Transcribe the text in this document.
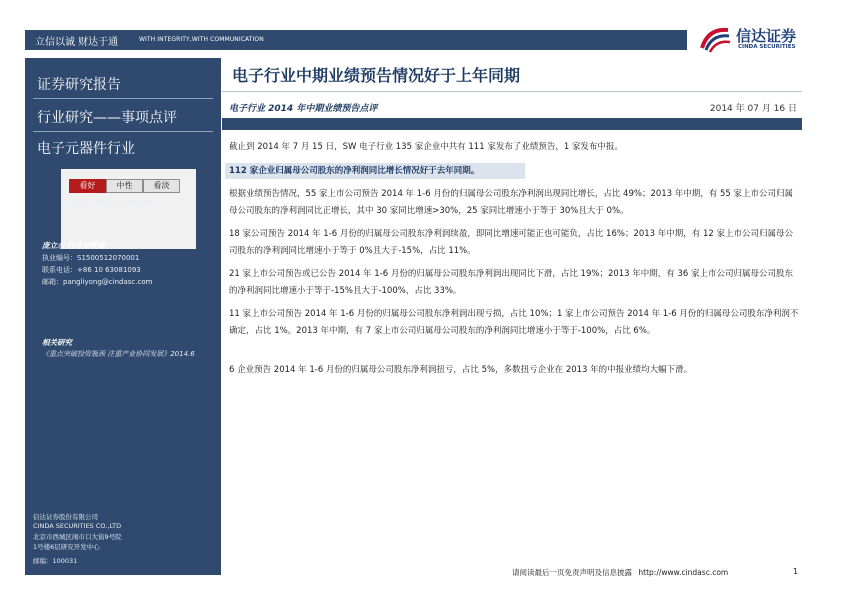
立信以诚 财达于通	WITH INTEGRITY,WITH COMMUNICATION	信达证券
CINDA SECURITIES
证券研究报告
行业研究——事项点评
电子元器件行业
看好	中性	看淡
上次评级：看好，2014.6.25
庞立永 行业分析师
执业编号：S1500512070001
联系电话：+86 10 63081093
邮箱：pangliyong@cindasc.com
相关研究
《重点突破投资瓶颈 注重产业协同发展》2014.6
信达证券股份有限公司
CINDA SECURITIES CO.,LTD
北京市西城区闹市口大街9号院
1号楼6层研究开发中心
邮编：100031
电子行业中期业绩预告情况好于上年同期
电子行业 2014 年中期业绩预告点评	2014 年 07 月 16 日
截止到 2014 年 7 月 15 日，SW 电子行业 135 家企业中共有 111 家发布了业绩预告，1 家发布中报。
112 家企业归属母公司股东的净利润同比增长情况好于去年同期。
根据业绩预告情况，55 家上市公司预告 2014 年 1-6 月份的归属母公司股东净利润出现同比增长，占比 49%；2013 年中期，有 55 家上市公司归属母公司股东的净利润同比正增长，其中 30 家同比增速>30%，25 家同比增速小于等于 30%且大于 0%。
18 家公司预告 2014 年 1-6 月份的归属母公司股东净利润续盈，即同比增速可能正也可能负，占比 16%；2013 年中期，有 12 家上市公司归属母公司股东的净利润同比增速小于等于 0%且大于-15%，占比 11%。
21 家上市公司预告或已公告 2014 年 1-6 月份的归属母公司股东净利润出现同比下滑，占比 19%；2013 年中期，有 36 家上市公司归属母公司股东的净利润同比增速小于等于-15%且大于-100%，占比 33%。
11 家上市公司预告 2014 年 1-6 月份的归属母公司股东净利润出现亏损，占比 10%；1 家上市公司预告 2014 年 1-6 月份的归属母公司股东净利润不确定，占比 1%。2013 年中期，有 7 家上市公司归属母公司股东的净利润同比增速小于等于-100%，占比 6%。
6 企业预告 2014 年 1-6 月份的归属母公司股东净利润扭亏，占比 5%，多数扭亏企业在 2013 年的中报业绩均大幅下滑。
请阅读最后一页免责声明及信息披露 http://www.cindasc.com	1
